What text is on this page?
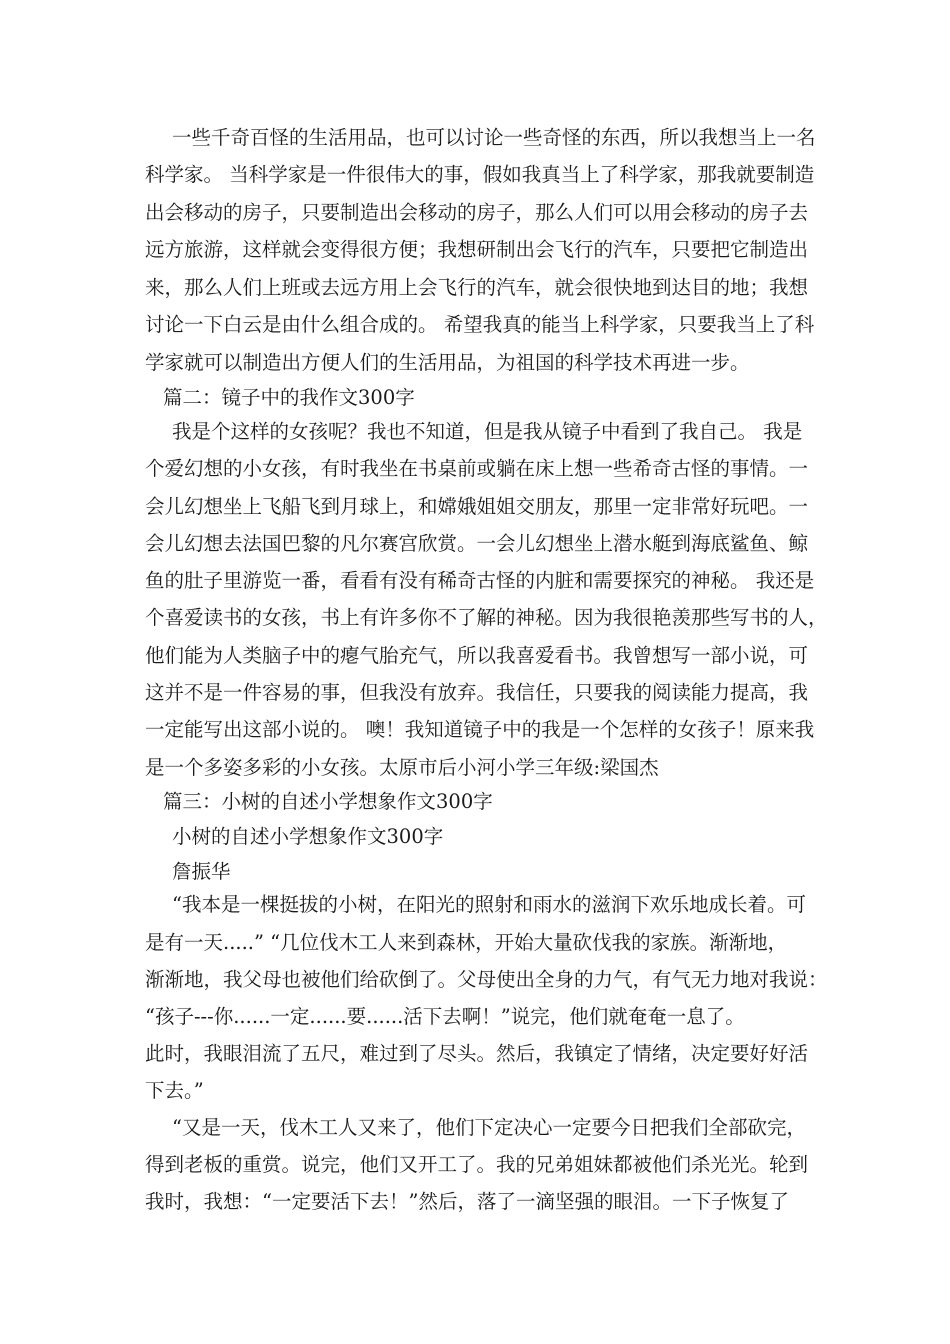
一些千奇百怪的生活用品，也可以讨论一些奇怪的东西，所以我想当上一名
科学家。 当科学家是一件很伟大的事，假如我真当上了科学家，那我就要制造
出会移动的房子，只要制造出会移动的房子，那么人们可以用会移动的房子去
远方旅游，这样就会变得很方便；我想研制出会飞行的汽车，只要把它制造出
来，那么人们上班或去远方用上会飞行的汽车，就会很快地到达目的地；我想
讨论一下白云是由什么组合成的。 希望我真的能当上科学家，只要我当上了科
学家就可以制造出方便人们的生活用品，为祖国的科学技术再进一步。
篇二：镜子中的我作文300字
我是个这样的女孩呢？我也不知道，但是我从镜子中看到了我自己。 我是
个爱幻想的小女孩，有时我坐在书桌前或躺在床上想一些希奇古怪的事情。一
会儿幻想坐上飞船飞到月球上，和嫦娥姐姐交朋友，那里一定非常好玩吧。一
会儿幻想去法国巴黎的凡尔赛宫欣赏。一会儿幻想坐上潜水艇到海底鲨鱼、鲸
鱼的肚子里游览一番，看看有没有稀奇古怪的内脏和需要探究的神秘。 我还是
个喜爱读书的女孩，书上有许多你不了解的神秘。因为我很艳羡那些写书的人，
他们能为人类脑子中的瘪气胎充气，所以我喜爱看书。我曾想写一部小说，可
这并不是一件容易的事，但我没有放弃。我信任，只要我的阅读能力提高，我
一定能写出这部小说的。 噢！我知道镜子中的我是一个怎样的女孩子！原来我
是一个多姿多彩的小女孩。太原市后小河小学三年级:梁国杰
篇三：小树的自述小学想象作文300字
小树的自述小学想象作文300字
詹振华
“我本是一棵挺拔的小树，在阳光的照射和雨水的滋润下欢乐地成长着。可
是有一天.....” “几位伐木工人来到森林，开始大量砍伐我的家族。渐渐地，
渐渐地，我父母也被他们给砍倒了。父母使出全身的力气，有气无力地对我说：
“孩子---你......一定......要......活下去啊！”说完，他们就奄奄一息了。
此时，我眼泪流了五尺，难过到了尽头。然后，我镇定了情绪，决定要好好活
下去。”
“又是一天，伐木工人又来了，他们下定决心一定要今日把我们全部砍完，
得到老板的重赏。说完，他们又开工了。我的兄弟姐妹都被他们杀光光。轮到
我时，我想：“一定要活下去！”然后，落了一滴坚强的眼泪。一下子恢复了
